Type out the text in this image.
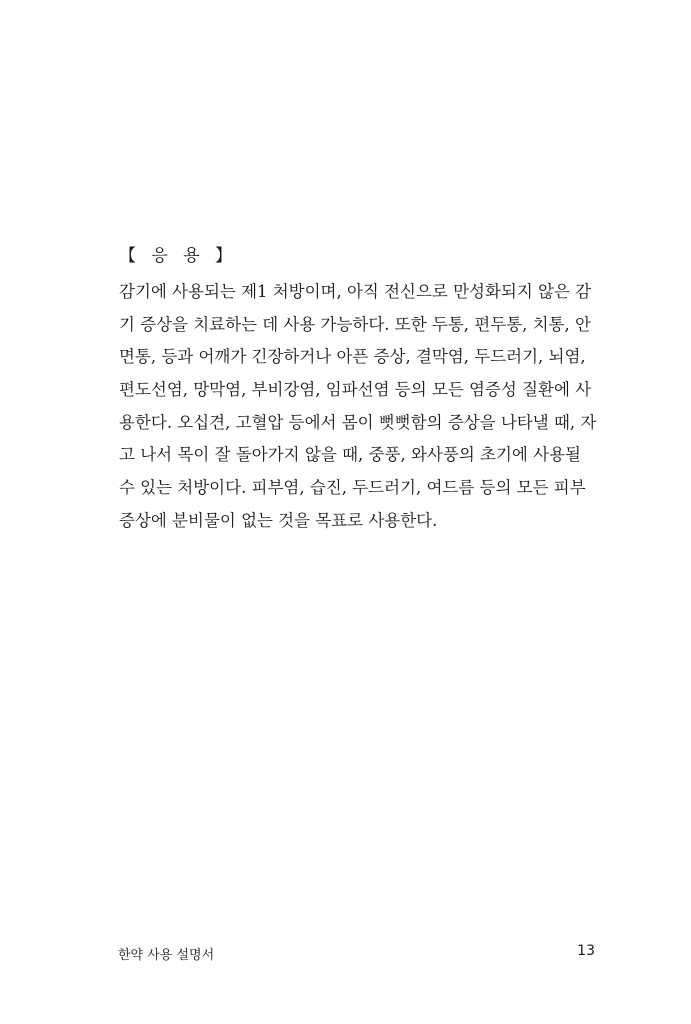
【 응 용 】
감기에 사용되는 제1 처방이며, 아직 전신으로 만성화되지 않은 감
기 증상을 치료하는 데 사용 가능하다. 또한 두통, 편두통, 치통, 안
면통, 등과 어깨가 긴장하거나 아픈 증상, 결막염, 두드러기, 뇌염,
편도선염, 망막염, 부비강염, 임파선염 등의 모든 염증성 질환에 사
용한다. 오십견, 고혈압 등에서 몸이 뻣뻣함의 증상을 나타낼 때, 자
고 나서 목이 잘 돌아가지 않을 때, 중풍, 와사풍의 초기에 사용될
수 있는 처방이다. 피부염, 습진, 두드러기, 여드름 등의 모든 피부
증상에 분비물이 없는 것을 목표로 사용한다.
한약 사용 설명서	13
